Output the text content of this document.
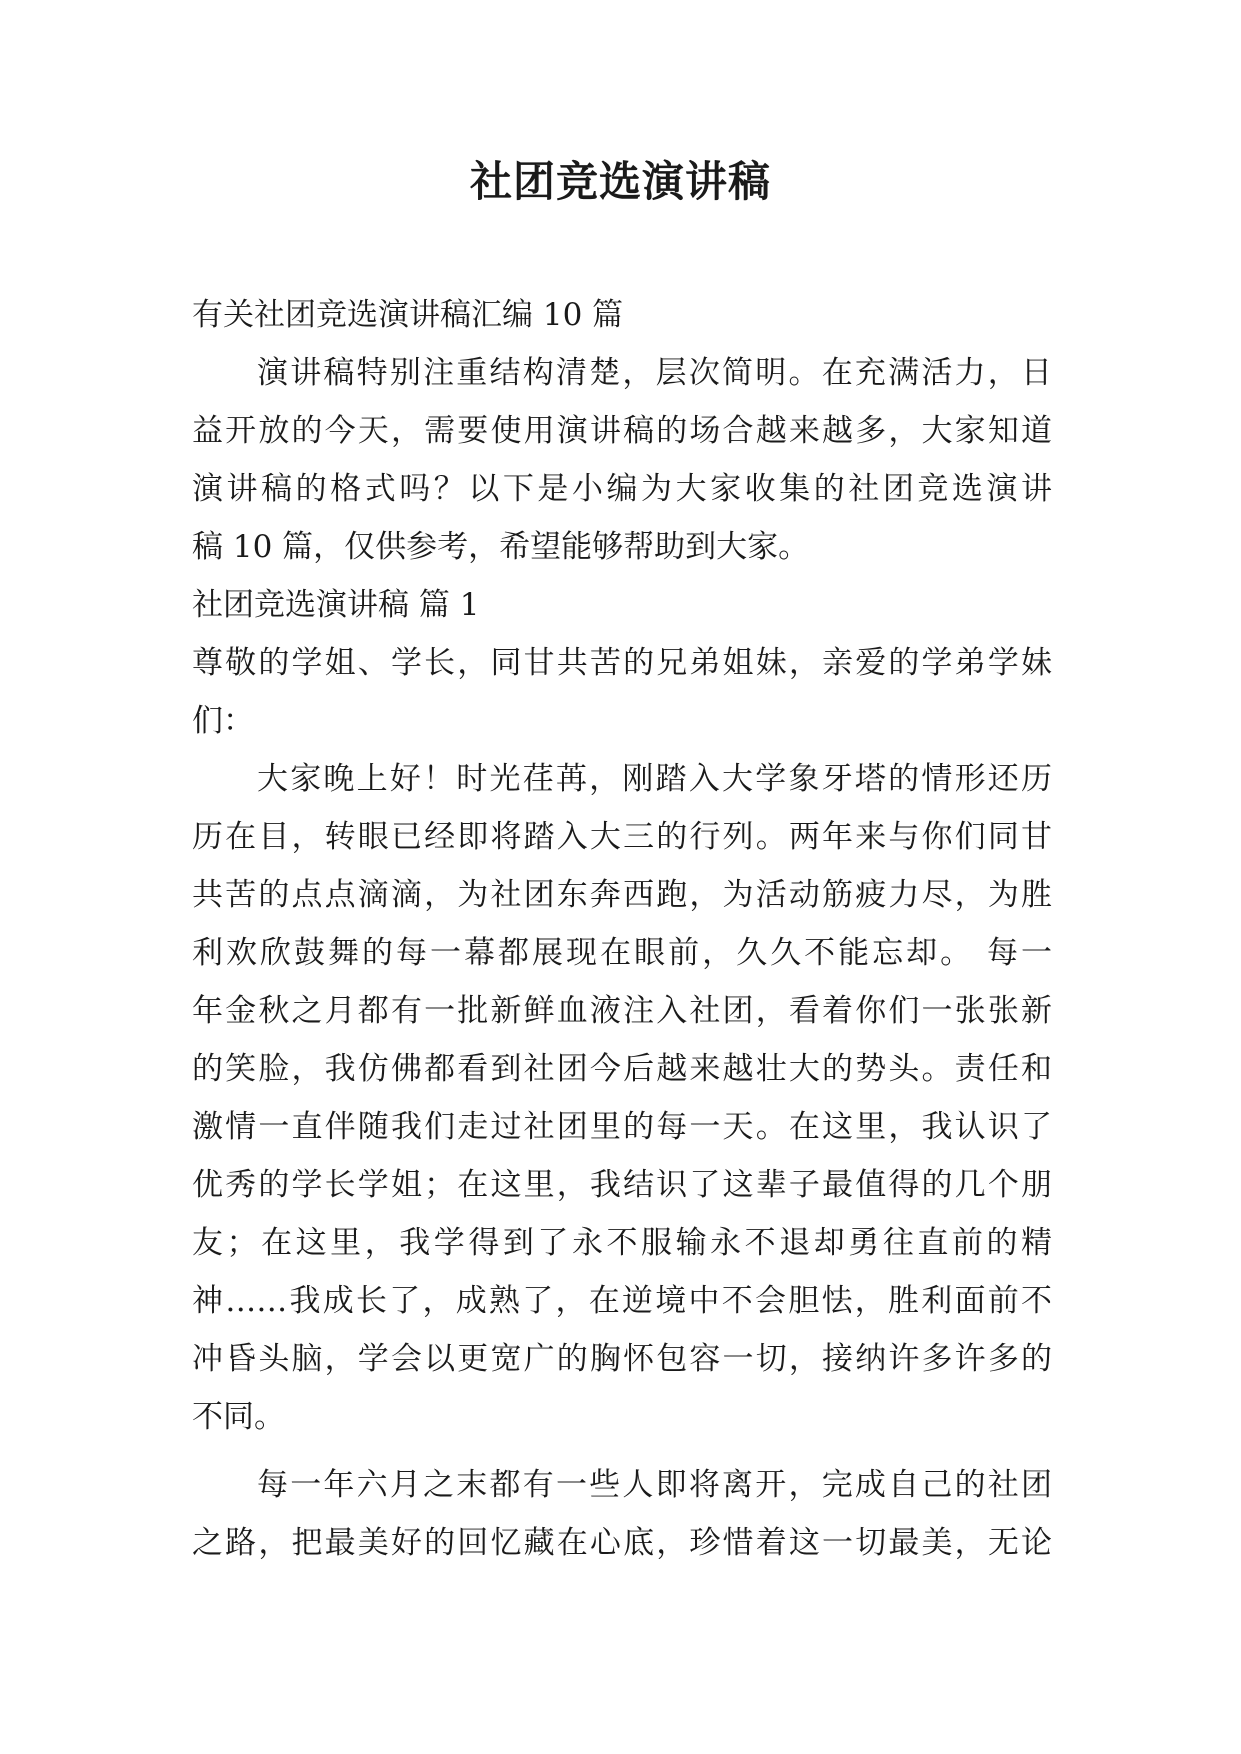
社团竞选演讲稿

有关社团竞选演讲稿汇编 10 篇

演讲稿特别注重结构清楚，层次简明。在充满活力，日

益开放的今天，需要使用演讲稿的场合越来越多，大家知道

演讲稿的格式吗？以下是小编为大家收集的社团竞选演讲

稿 10 篇，仅供参考，希望能够帮助到大家。

社团竞选演讲稿 篇 1

尊敬的学姐、学长，同甘共苦的兄弟姐妹，亲爱的学弟学妹

们：

大家晚上好！时光荏苒，刚踏入大学象牙塔的情形还历

历在目，转眼已经即将踏入大三的行列。两年来与你们同甘

共苦的点点滴滴，为社团东奔西跑，为活动筋疲力尽，为胜

利欢欣鼓舞的每一幕都展现在眼前，久久不能忘却。 每一

年金秋之月都有一批新鲜血液注入社团，看着你们一张张新

的笑脸，我仿佛都看到社团今后越来越壮大的势头。责任和

激情一直伴随我们走过社团里的每一天。在这里，我认识了

优秀的学长学姐；在这里，我结识了这辈子最值得的几个朋

友；在这里，我学得到了永不服输永不退却勇往直前的精

神……我成长了，成熟了，在逆境中不会胆怯，胜利面前不

冲昏头脑，学会以更宽广的胸怀包容一切，接纳许多许多的

不同。

每一年六月之末都有一些人即将离开，完成自己的社团

之路，把最美好的回忆藏在心底，珍惜着这一切最美，无论
